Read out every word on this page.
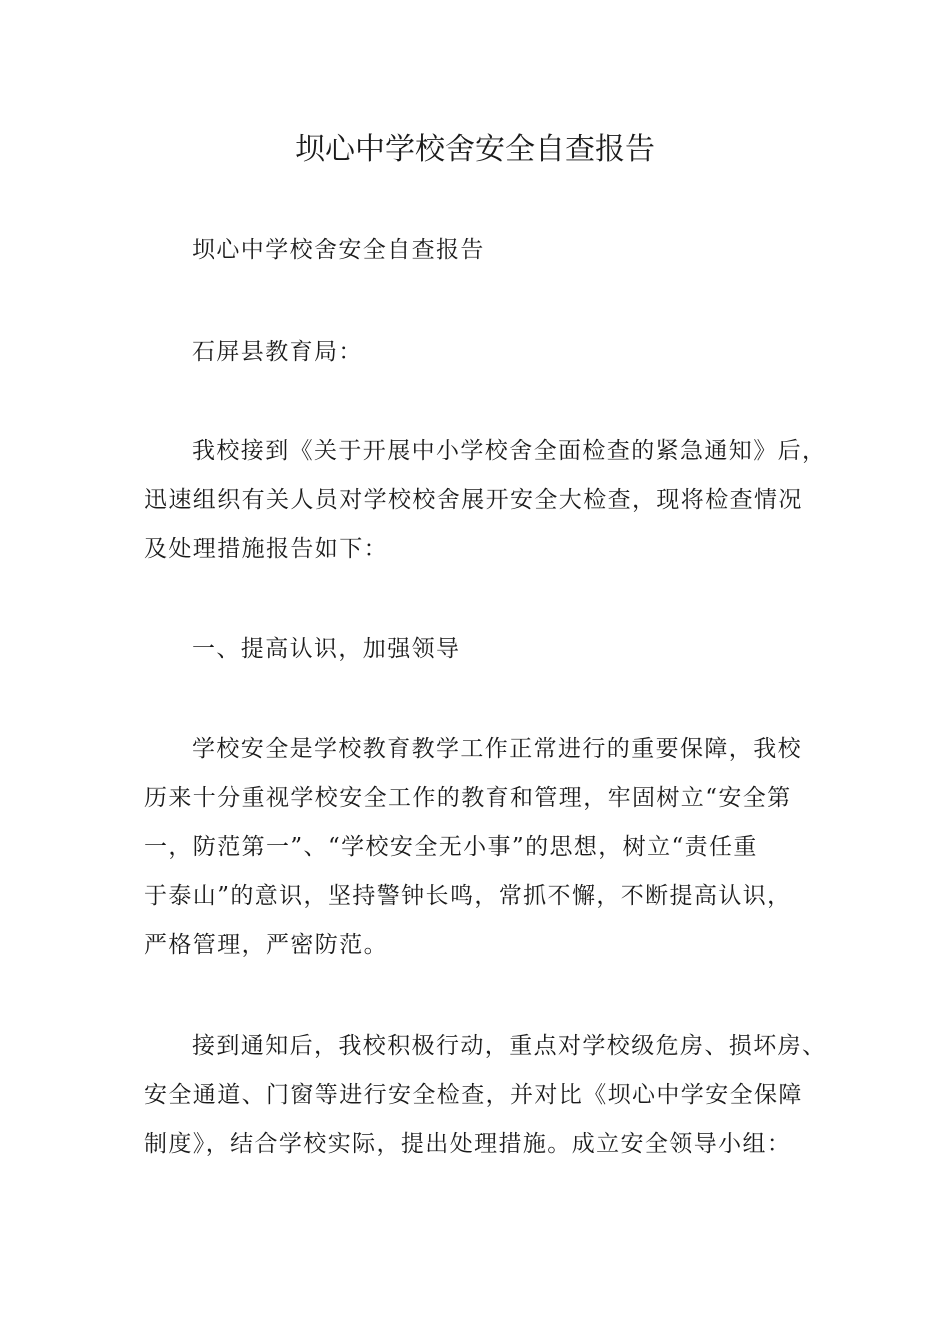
坝心中学校舍安全自查报告

坝心中学校舍安全自查报告

石屏县教育局：

我校接到《关于开展中小学校舍全面检查的紧急通知》后，
迅速组织有关人员对学校校舍展开安全大检查，现将检查情况
及处理措施报告如下：

一、提高认识，加强领导

学校安全是学校教育教学工作正常进行的重要保障，我校
历来十分重视学校安全工作的教育和管理，牢固树立“安全第
一，防范第一”、“学校安全无小事”的思想，树立“责任重
于泰山”的意识，坚持警钟长鸣，常抓不懈，不断提高认识，
严格管理，严密防范。

接到通知后，我校积极行动，重点对学校级危房、损坏房、
安全通道、门窗等进行安全检查，并对比《坝心中学安全保障
制度》，结合学校实际，提出处理措施。成立安全领导小组：
